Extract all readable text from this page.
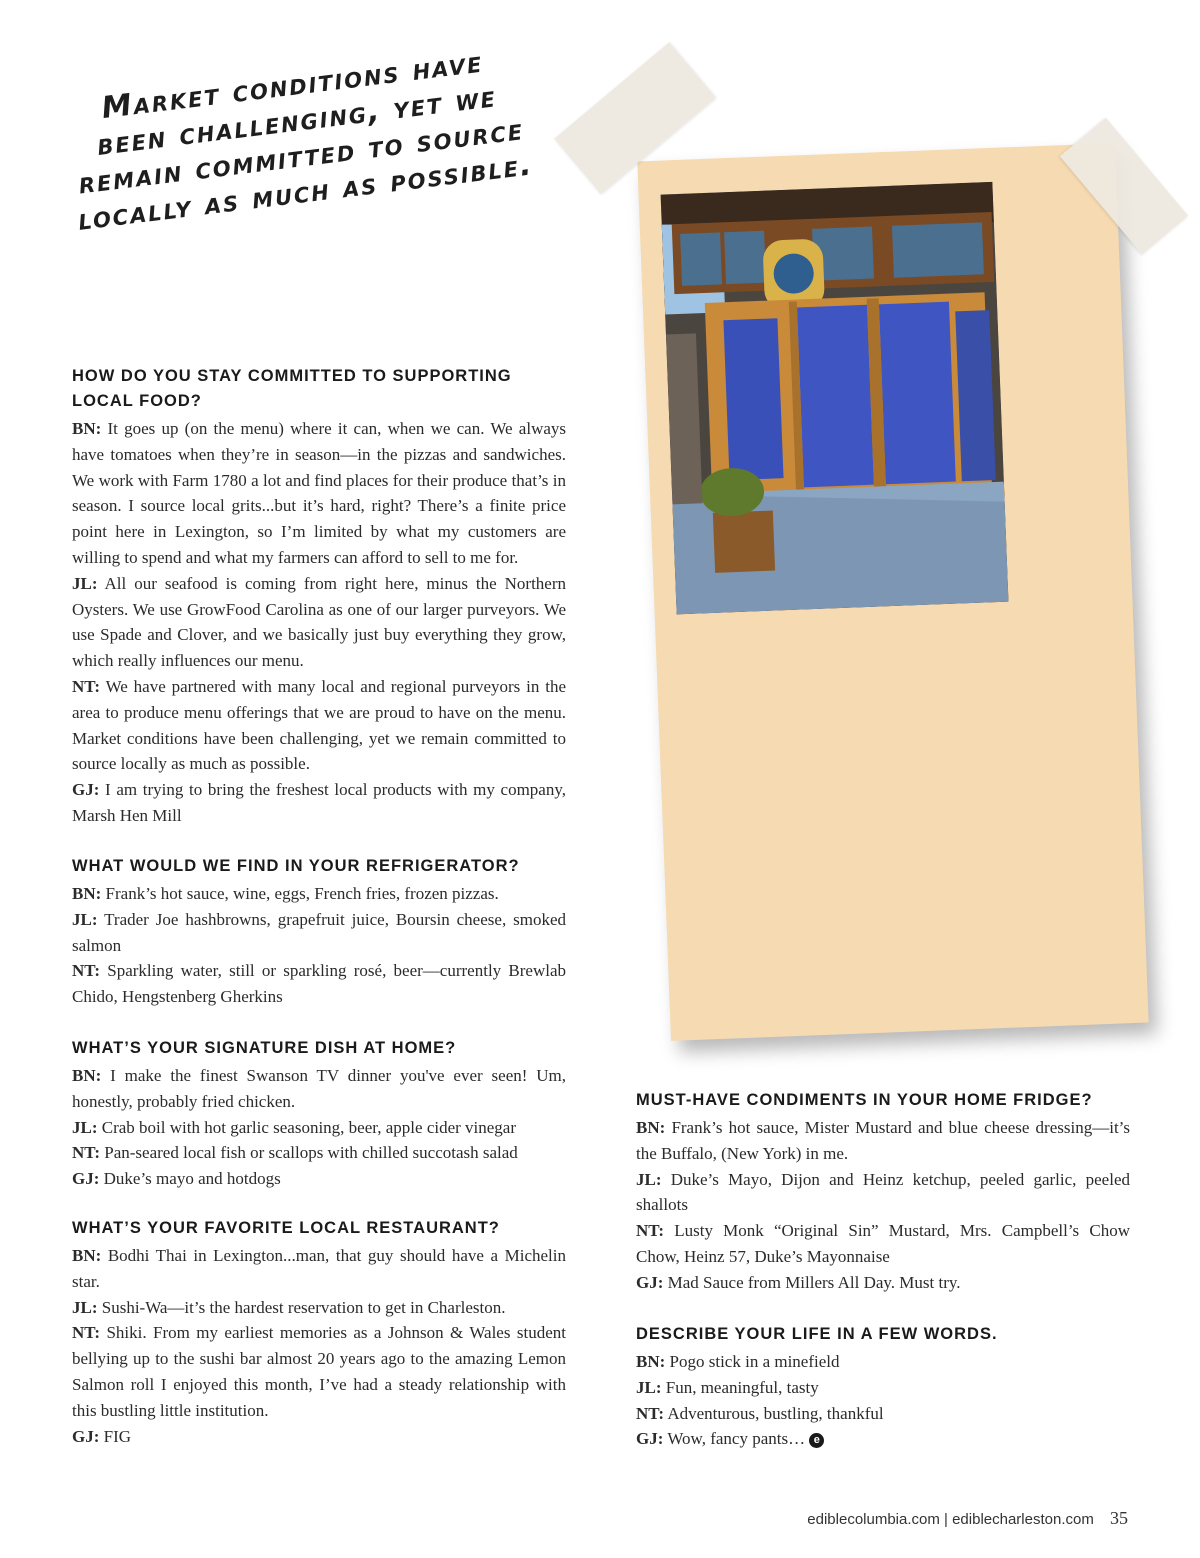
Market conditions have been challenging, yet we remain committed to source locally as much as possible.
HOW DO YOU STAY COMMITTED TO SUPPORTING LOCAL FOOD?

BN: It goes up (on the menu) where it can, when we can. We always have tomatoes when they’re in season—in the pizzas and sandwiches. We work with Farm 1780 a lot and find places for their produce that’s in season. I source local grits...but it’s hard, right? There’s a finite price point here in Lexington, so I’m limited by what my customers are willing to spend and what my farmers can afford to sell to me for.

JL: All our seafood is coming from right here, minus the Northern Oysters. We use GrowFood Carolina as one of our larger purveyors. We use Spade and Clover, and we basically just buy everything they grow, which really influences our menu.

NT: We have partnered with many local and regional purveyors in the area to produce menu offerings that we are proud to have on the menu. Market conditions have been challenging, yet we remain committed to source locally as much as possible.

GJ: I am trying to bring the freshest local products with my company, Marsh Hen Mill

WHAT WOULD WE FIND IN YOUR REFRIGERATOR?

BN: Frank’s hot sauce, wine, eggs, French fries, frozen pizzas.

JL: Trader Joe hashbrowns, grapefruit juice, Boursin cheese, smoked salmon

NT: Sparkling water, still or sparkling rosé, beer—currently Brewlab Chido, Hengstenberg Gherkins

WHAT’S YOUR SIGNATURE DISH AT HOME?

BN: I make the finest Swanson TV dinner you've ever seen! Um, honestly, probably fried chicken.

JL: Crab boil with hot garlic seasoning, beer, apple cider vinegar

NT: Pan-seared local fish or scallops with chilled succotash salad

GJ: Duke’s mayo and hotdogs

WHAT’S YOUR FAVORITE LOCAL RESTAURANT?

BN: Bodhi Thai in Lexington...man, that guy should have a Michelin star.

JL: Sushi-Wa—it’s the hardest reservation to get in Charleston.

NT: Shiki. From my earliest memories as a Johnson & Wales student bellying up to the sushi bar almost 20 years ago to the amazing Lemon Salmon roll I enjoyed this month, I’ve had a steady relationship with this bustling little institution.

GJ: FIG

MUST-HAVE CONDIMENTS IN YOUR HOME FRIDGE?

BN: Frank’s hot sauce, Mister Mustard and blue cheese dressing—it’s the Buffalo, (New York) in me.

JL: Duke’s Mayo, Dijon and Heinz ketchup, peeled garlic, peeled shallots

NT: Lusty Monk “Original Sin” Mustard, Mrs. Campbell’s Chow Chow, Heinz 57, Duke’s Mayonnaise

GJ: Mad Sauce from Millers All Day. Must try.

DESCRIBE YOUR LIFE IN A FEW WORDS.

BN: Pogo stick in a minefield

JL: Fun, meaningful, tasty

NT: Adventurous, bustling, thankful

GJ: Wow, fancy pants… e

ediblecolumbia.com | ediblecharleston.com 35
